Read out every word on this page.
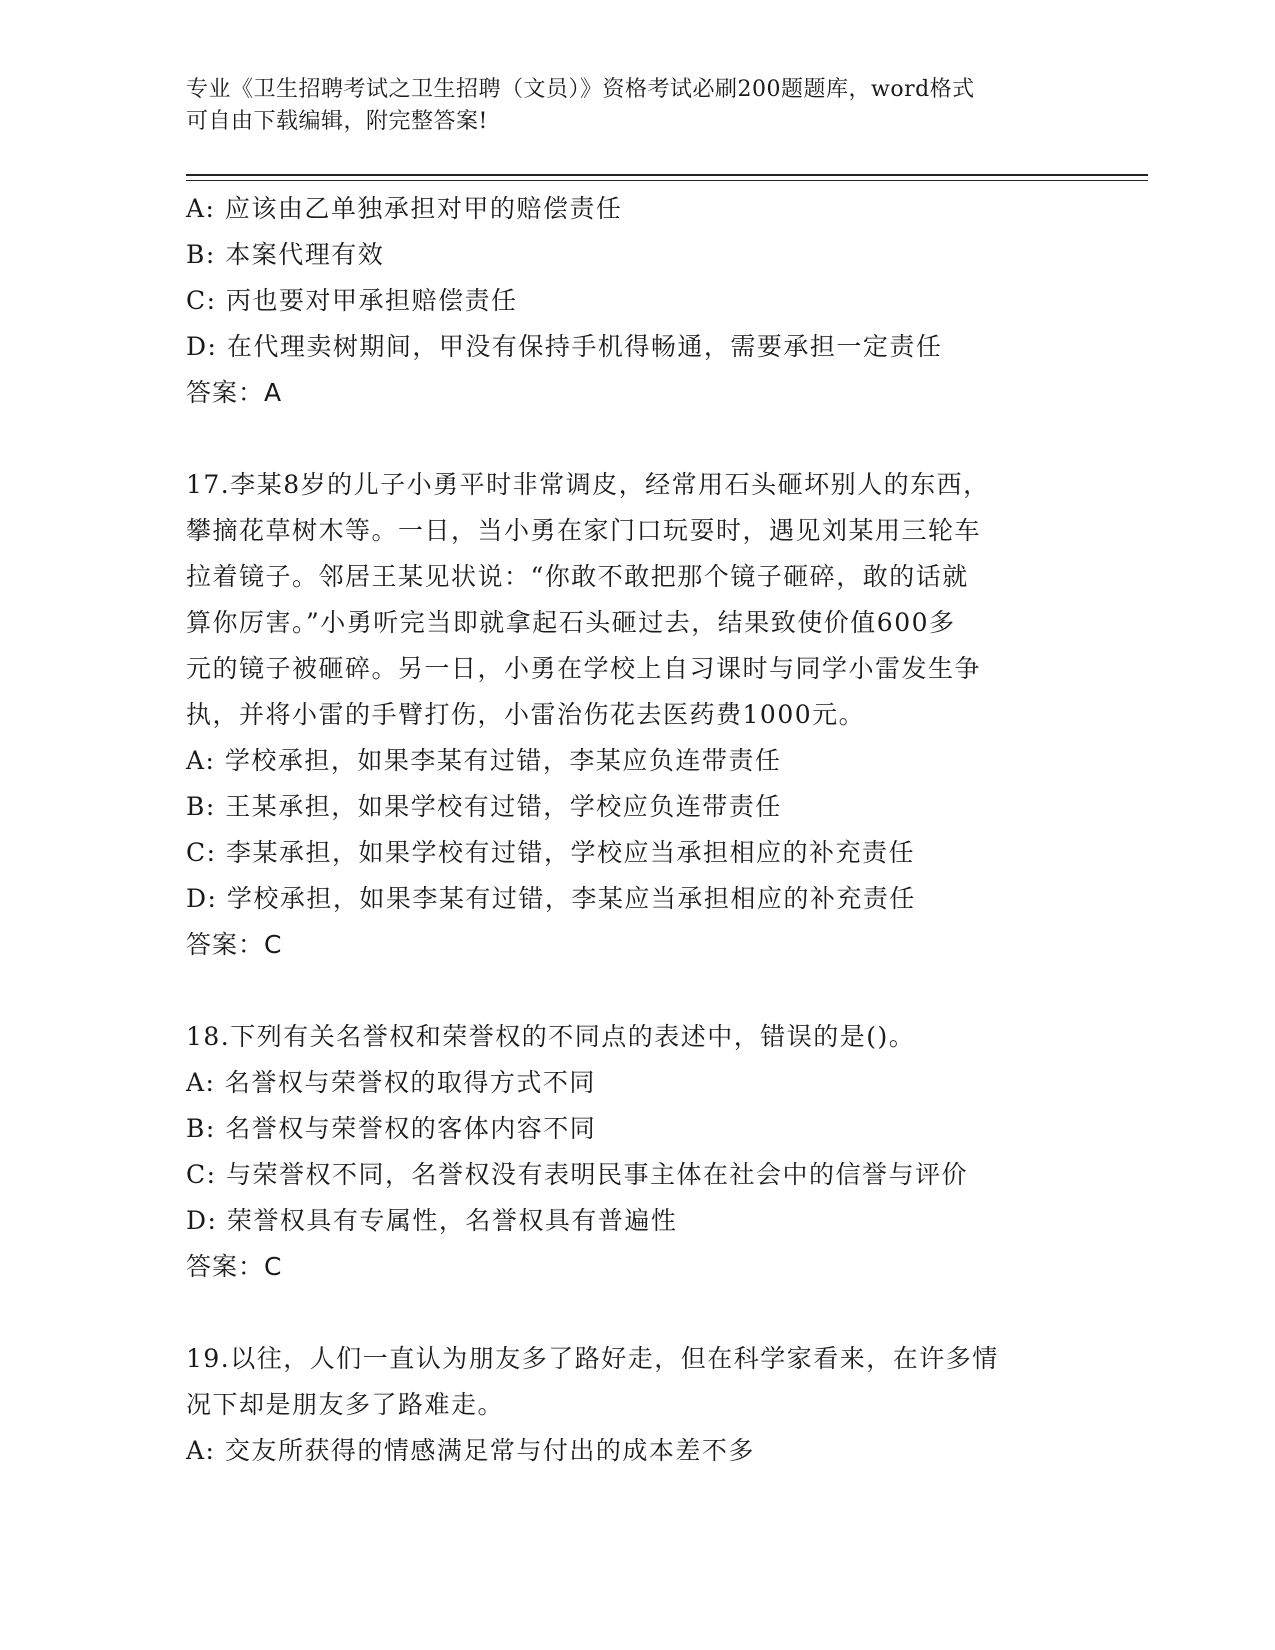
专业《卫生招聘考试之卫生招聘（文员）》资格考试必刷200题题库，word格式
可自由下载编辑，附完整答案!
A: 应该由乙单独承担对甲的赔偿责任
B: 本案代理有效
C: 丙也要对甲承担赔偿责任
D: 在代理卖树期间，甲没有保持手机得畅通，需要承担一定责任
答案：A
17.李某8岁的儿子小勇平时非常调皮，经常用石头砸坏别人的东西，
攀摘花草树木等。一日，当小勇在家门口玩耍时，遇见刘某用三轮车
拉着镜子。邻居王某见状说：“你敢不敢把那个镜子砸碎，敢的话就
算你厉害。”小勇听完当即就拿起石头砸过去，结果致使价值600多
元的镜子被砸碎。另一日，小勇在学校上自习课时与同学小雷发生争
执，并将小雷的手臂打伤，小雷治伤花去医药费1000元。
A: 学校承担，如果李某有过错，李某应负连带责任
B: 王某承担，如果学校有过错，学校应负连带责任
C: 李某承担，如果学校有过错，学校应当承担相应的补充责任
D: 学校承担，如果李某有过错，李某应当承担相应的补充责任
答案：C
18.下列有关名誉权和荣誉权的不同点的表述中，错误的是()。
A: 名誉权与荣誉权的取得方式不同
B: 名誉权与荣誉权的客体内容不同
C: 与荣誉权不同，名誉权没有表明民事主体在社会中的信誉与评价
D: 荣誉权具有专属性，名誉权具有普遍性
答案：C
19.以往，人们一直认为朋友多了路好走，但在科学家看来，在许多情
况下却是朋友多了路难走。
A: 交友所获得的情感满足常与付出的成本差不多
